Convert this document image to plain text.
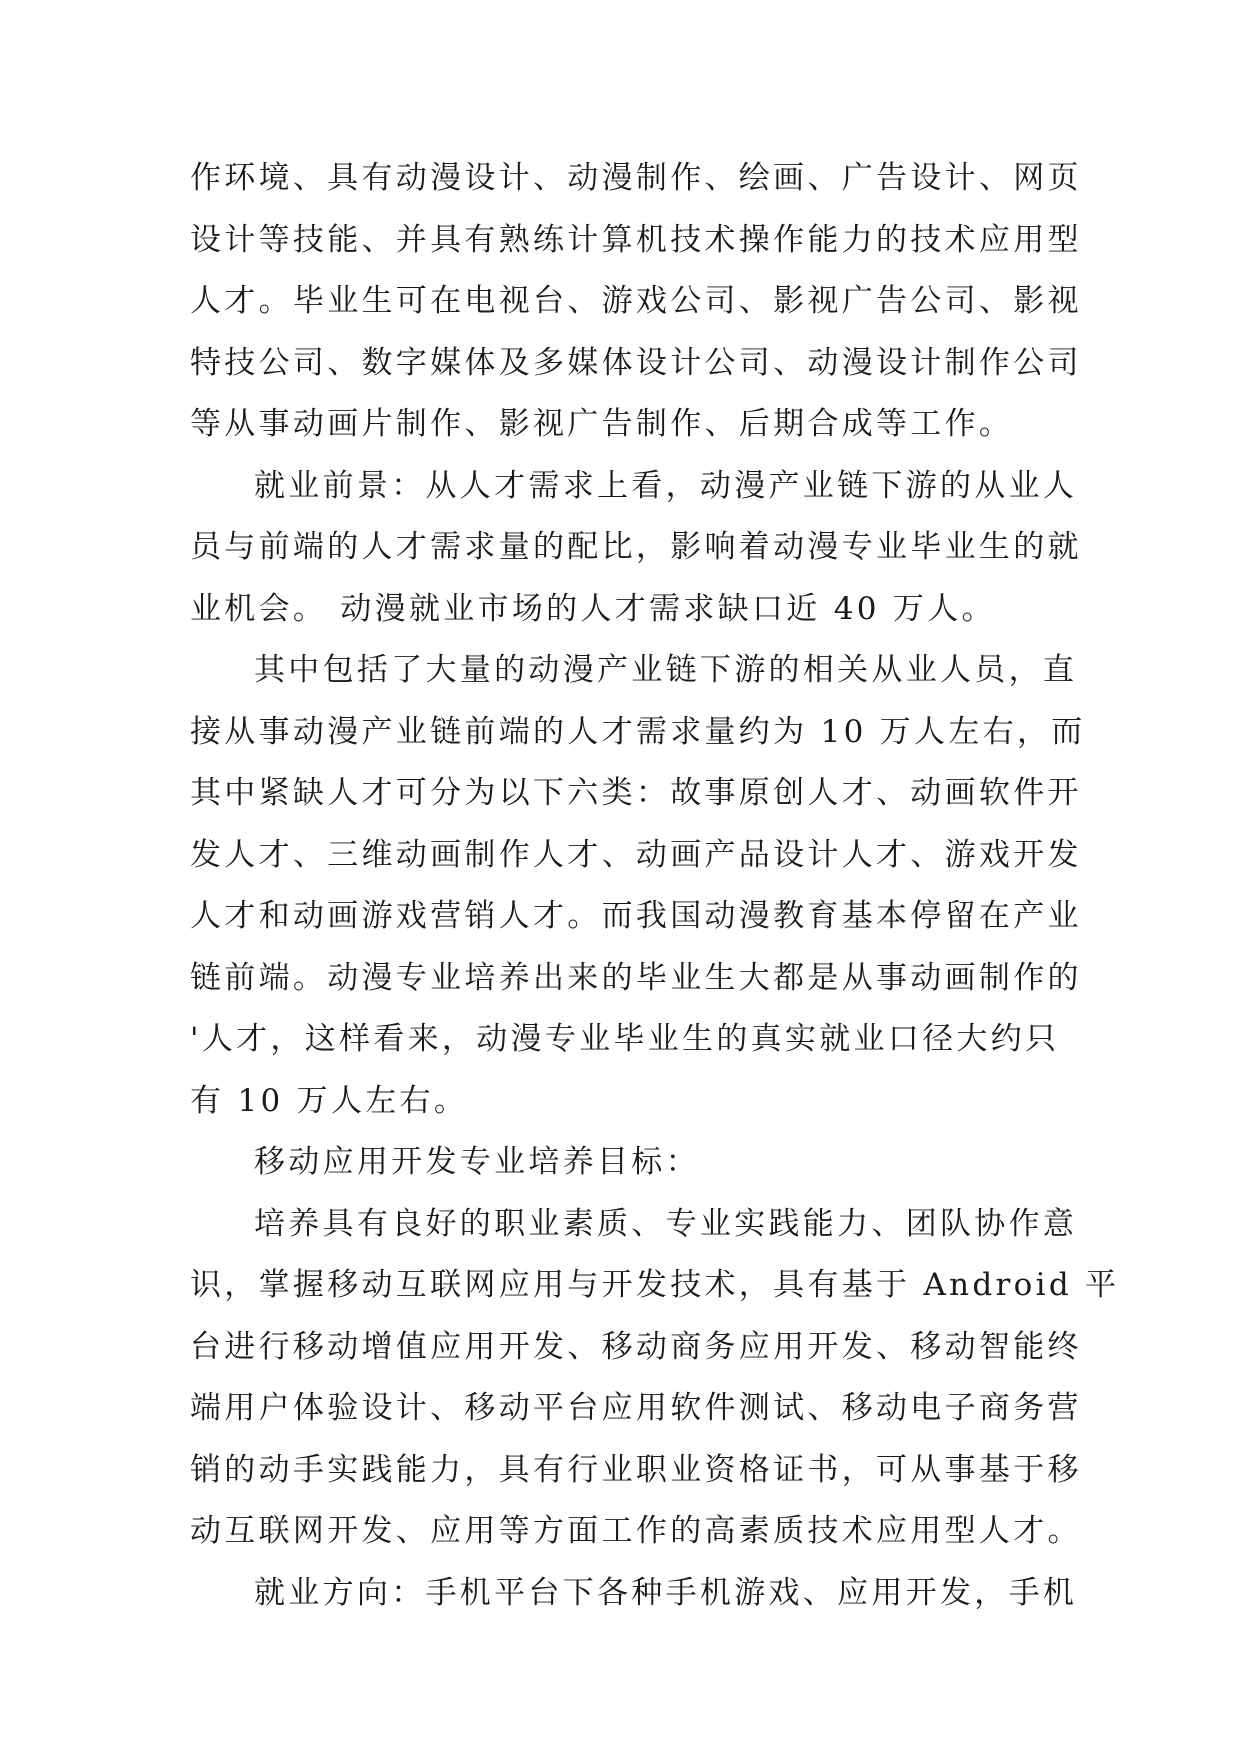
作环境、具有动漫设计、动漫制作、绘画、广告设计、网页
设计等技能、并具有熟练计算机技术操作能力的技术应用型
人才。毕业生可在电视台、游戏公司、影视广告公司、影视
特技公司、数字媒体及多媒体设计公司、动漫设计制作公司
等从事动画片制作、影视广告制作、后期合成等工作。
就业前景：从人才需求上看，动漫产业链下游的从业人
员与前端的人才需求量的配比，影响着动漫专业毕业生的就
业机会。 动漫就业市场的人才需求缺口近 40 万人。
其中包括了大量的动漫产业链下游的相关从业人员，直
接从事动漫产业链前端的人才需求量约为 10 万人左右，而
其中紧缺人才可分为以下六类：故事原创人才、动画软件开
发人才、三维动画制作人才、动画产品设计人才、游戏开发
人才和动画游戏营销人才。而我国动漫教育基本停留在产业
链前端。动漫专业培养出来的毕业生大都是从事动画制作的
'人才，这样看来，动漫专业毕业生的真实就业口径大约只
有 10 万人左右。
移动应用开发专业培养目标：
培养具有良好的职业素质、专业实践能力、团队协作意
识，掌握移动互联网应用与开发技术，具有基于 Android 平
台进行移动增值应用开发、移动商务应用开发、移动智能终
端用户体验设计、移动平台应用软件测试、移动电子商务营
销的动手实践能力，具有行业职业资格证书，可从事基于移
动互联网开发、应用等方面工作的高素质技术应用型人才。
就业方向：手机平台下各种手机游戏、应用开发，手机
